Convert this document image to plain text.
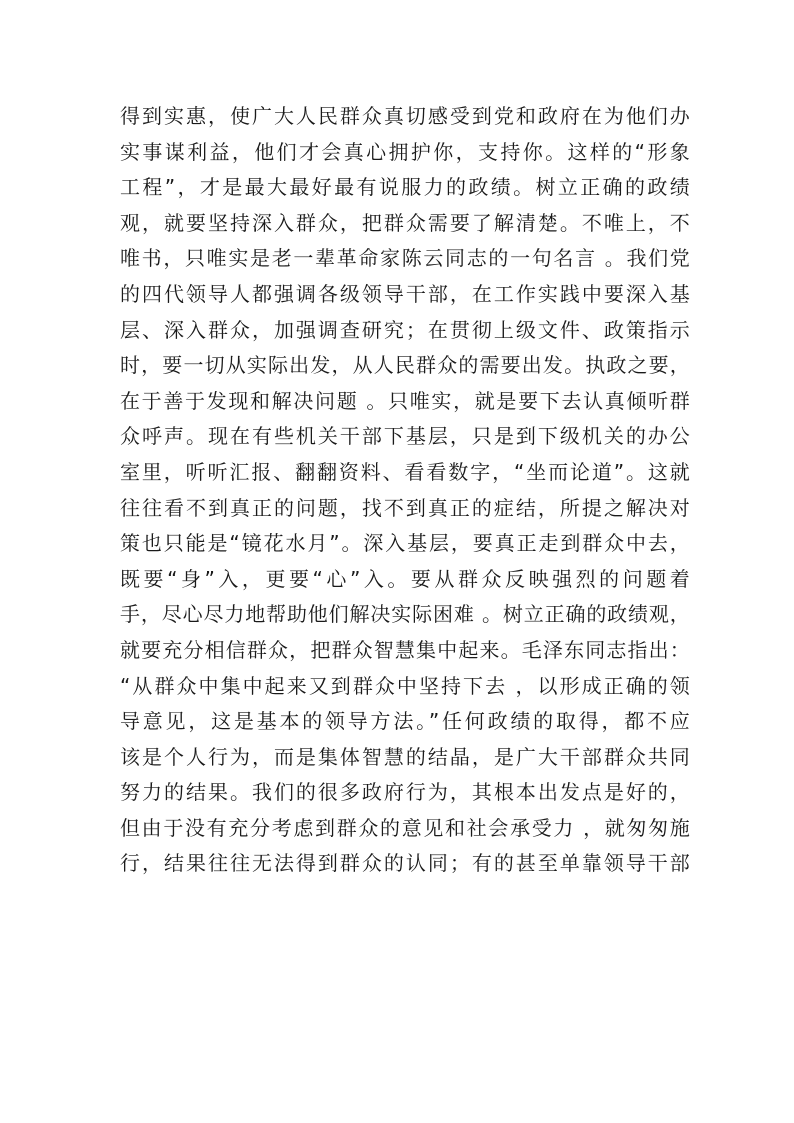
得到实惠，使广大人民群众真切感受到党和政府在为他们办
实事谋利益，他们才会真心拥护你，支持你。这样的“形象
工程”，才是最大最好最有说服力的政绩。树立正确的政绩
观，就要坚持深入群众，把群众需要了解清楚。不唯上，不
唯书，只唯实是老一辈革命家陈云同志的一句名言 。我们党
的四代领导人都强调各级领导干部，在工作实践中要深入基
层、深入群众，加强调查研究；在贯彻上级文件、政策指示
时，要一切从实际出发，从人民群众的需要出发。执政之要，
在于善于发现和解决问题 。只唯实，就是要下去认真倾听群
众呼声。现在有些机关干部下基层，只是到下级机关的办公
室里，听听汇报、翻翻资料、看看数字，“坐而论道”。这就
往往看不到真正的问题，找不到真正的症结，所提之解决对
策也只能是“镜花水月”。深入基层，要真正走到群众中去，
既要“身”入，更要“心”入。要从群众反映强烈的问题着
手，尽心尽力地帮助他们解决实际困难 。树立正确的政绩观，
就要充分相信群众，把群众智慧集中起来。毛泽东同志指出：
“从群众中集中起来又到群众中坚持下去 ，以形成正确的领
导意见，这是基本的领导方法。”任何政绩的取得，都不应
该是个人行为，而是集体智慧的结晶，是广大干部群众共同
努力的结果。我们的很多政府行为，其根本出发点是好的，
但由于没有充分考虑到群众的意见和社会承受力 ，就匆匆施
行，结果往往无法得到群众的认同；有的甚至单靠领导干部
